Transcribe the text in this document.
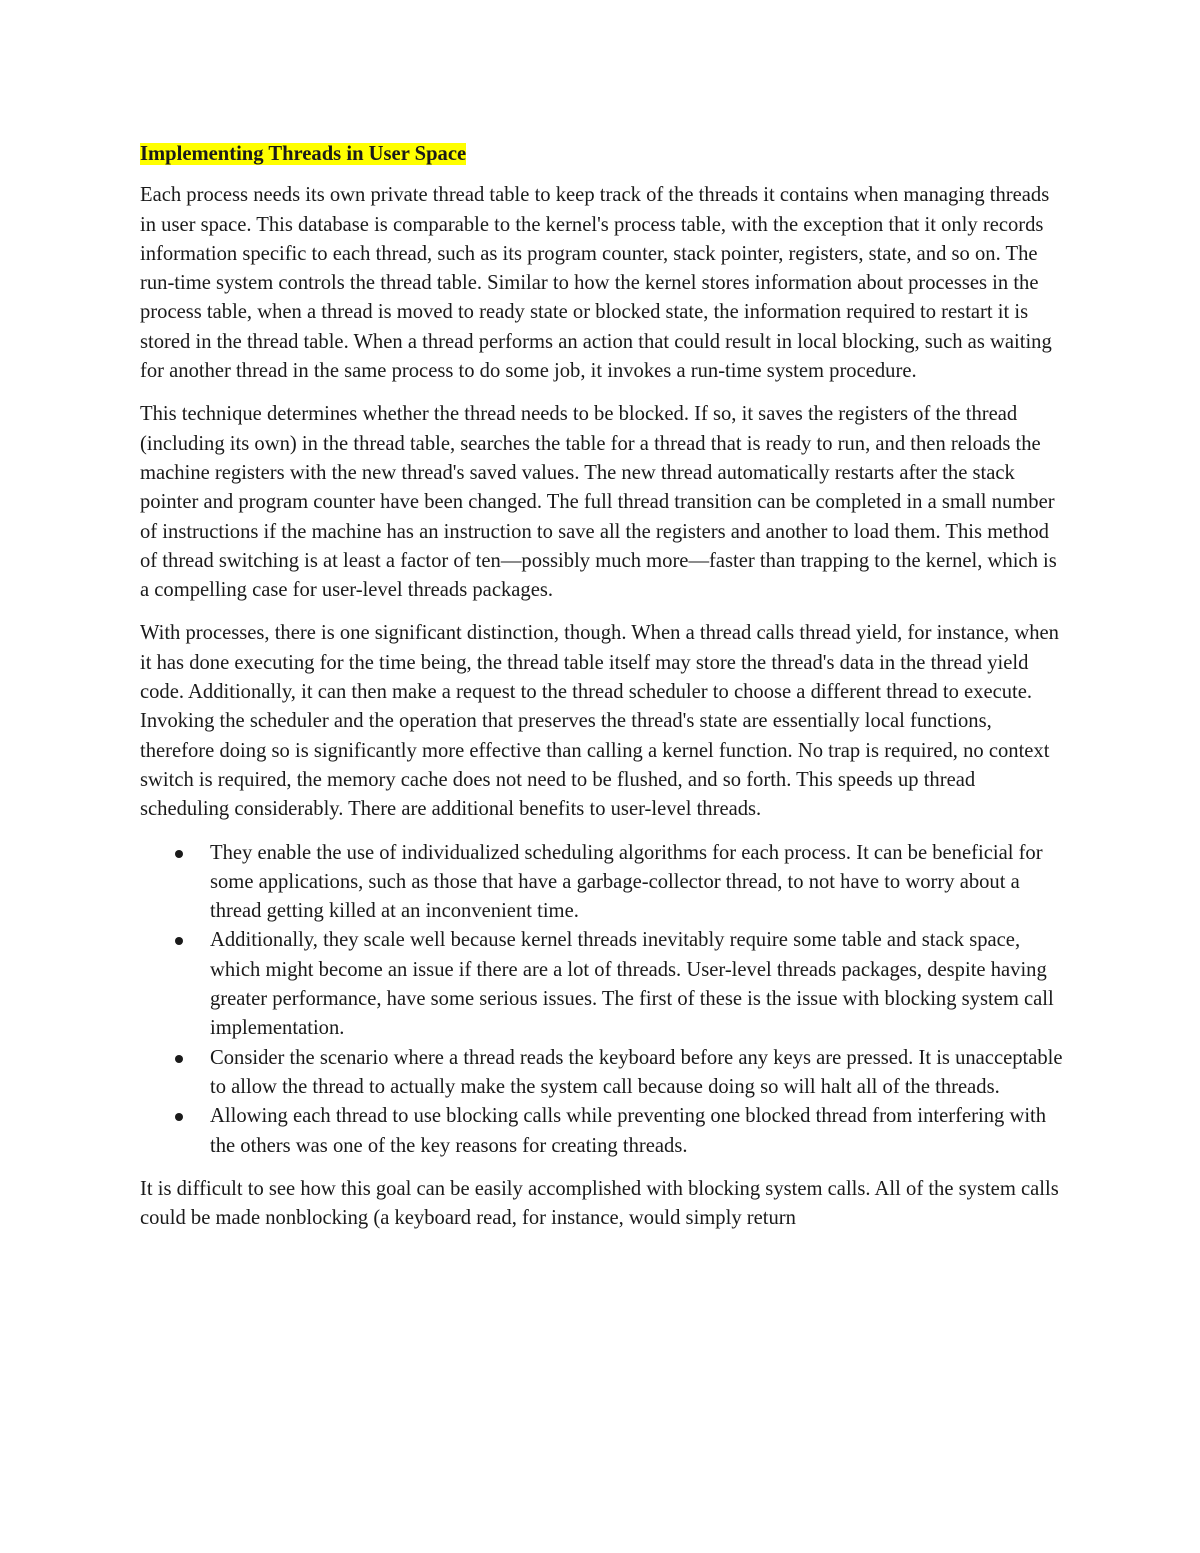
Implementing Threads in User Space

Each process needs its own private thread table to keep track of the threads it contains when managing threads in user space. This database is comparable to the kernel's process table, with the exception that it only records information specific to each thread, such as its program counter, stack pointer, registers, state, and so on. The run-time system controls the thread table. Similar to how the kernel stores information about processes in the process table, when a thread is moved to ready state or blocked state, the information required to restart it is stored in the thread table. When a thread performs an action that could result in local blocking, such as waiting for another thread in the same process to do some job, it invokes a run-time system procedure.

This technique determines whether the thread needs to be blocked. If so, it saves the registers of the thread (including its own) in the thread table, searches the table for a thread that is ready to run, and then reloads the machine registers with the new thread's saved values. The new thread automatically restarts after the stack pointer and program counter have been changed. The full thread transition can be completed in a small number of instructions if the machine has an instruction to save all the registers and another to load them. This method of thread switching is at least a factor of ten—possibly much more—faster than trapping to the kernel, which is a compelling case for user-level threads packages.

With processes, there is one significant distinction, though. When a thread calls thread yield, for instance, when it has done executing for the time being, the thread table itself may store the thread's data in the thread yield code. Additionally, it can then make a request to the thread scheduler to choose a different thread to execute. Invoking the scheduler and the operation that preserves the thread's state are essentially local functions, therefore doing so is significantly more effective than calling a kernel function. No trap is required, no context switch is required, the memory cache does not need to be flushed, and so forth. This speeds up thread scheduling considerably. There are additional benefits to user-level threads.

They enable the use of individualized scheduling algorithms for each process. It can be beneficial for some applications, such as those that have a garbage-collector thread, to not have to worry about a thread getting killed at an inconvenient time.
Additionally, they scale well because kernel threads inevitably require some table and stack space, which might become an issue if there are a lot of threads. User-level threads packages, despite having greater performance, have some serious issues. The first of these is the issue with blocking system call implementation.
Consider the scenario where a thread reads the keyboard before any keys are pressed. It is unacceptable to allow the thread to actually make the system call because doing so will halt all of the threads.
Allowing each thread to use blocking calls while preventing one blocked thread from interfering with the others was one of the key reasons for creating threads.

It is difficult to see how this goal can be easily accomplished with blocking system calls. All of the system calls could be made nonblocking (a keyboard read, for instance, would simply return
